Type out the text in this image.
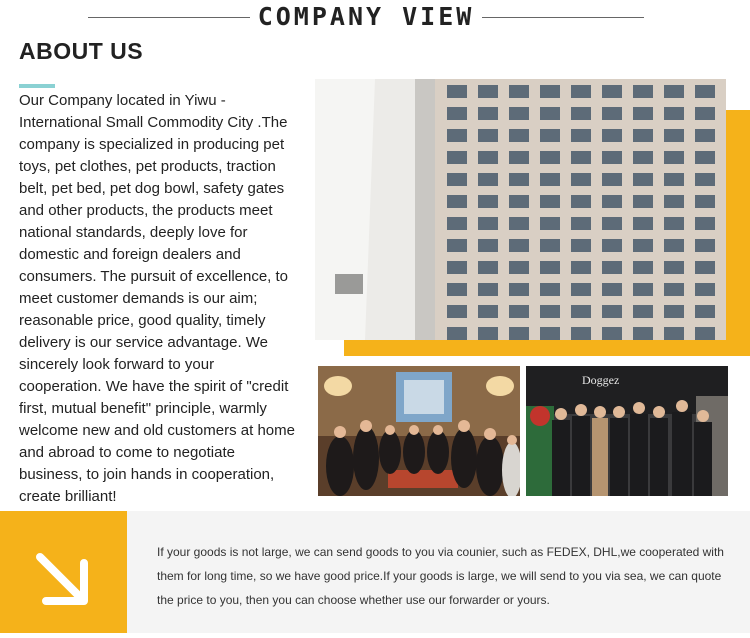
COMPANY VIEW
ABOUT US
Our Company located in Yiwu - International Small Commodity City .The company is specialized in producing pet toys, pet clothes, pet products, traction belt, pet bed, pet dog bowl, safety gates and other products, the products meet national standards, deeply love for domestic and foreign dealers and consumers. The pursuit of excellence, to meet customer demands is our aim; reasonable price, good quality, timely delivery is our service advantage. We sincerely look forward to your cooperation. We have the spirit of "credit first, mutual benefit" principle, warmly welcome new and old customers at home and abroad to come to negotiate business, to join hands in cooperation, create brilliant!
Doggez
If your goods is not large, we can send goods to you via counier, such as FEDEX, DHL,we cooperated with them for long time, so we have good price.If your goods is large, we will send to you via sea, we can quote the price to you, then you can choose whether use our forwarder or yours.
